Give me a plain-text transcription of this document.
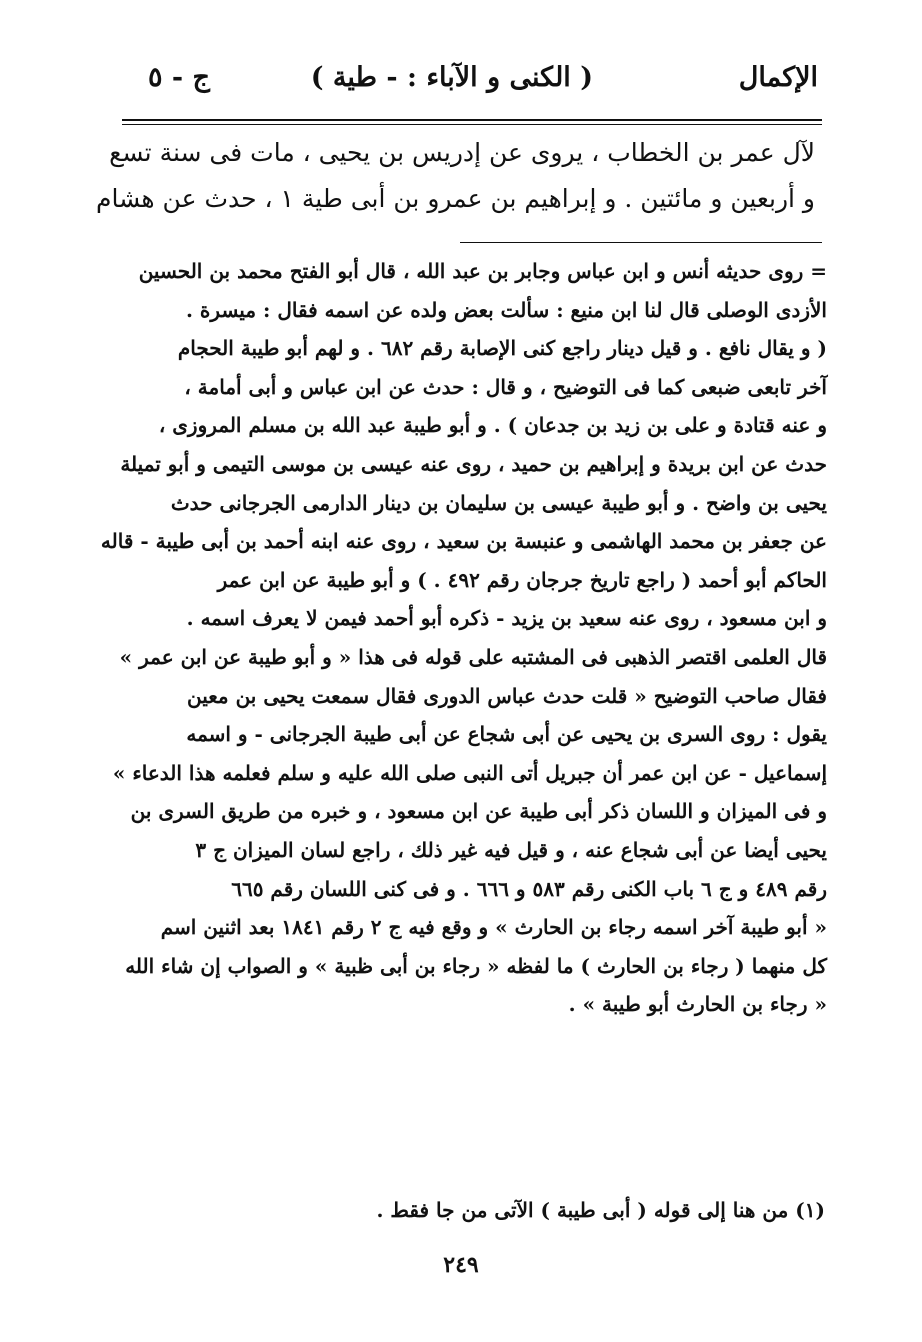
الإكمال
( الكنى و الآباء : - طية )
ج - ٥
لآل عمر بن الخطاب ، يروى عن إدريس بن يحيى ، مات فى سنة تسع
و أربعين و مائتين . و إبراهيم بن عمرو بن أبى طية ١ ، حدث عن هشام
= روى حديثه أنس و ابن عباس وجابر بن عبد الله ، قال أبو الفتح محمد بن الحسين
الأزدى الوصلى قال لنا ابن منيع : سألت بعض ولده عن اسمه فقال : ميسرة .
( و يقال نافع . و قيل دينار راجع كنى الإصابة رقم ٦٨٢ . و لهم أبو طيبة الحجام
آخر تابعى ضبعى كما فى التوضيح ، و قال : حدث عن ابن عباس و أبى أمامة ،
و عنه قتادة و على بن زيد بن جدعان ) . و أبو طيبة عبد الله بن مسلم المروزى ،
حدث عن ابن بريدة و إبراهيم بن حميد ، روى عنه عيسى بن موسى التيمى و أبو تميلة
يحيى بن واضح . و أبو طيبة عيسى بن سليمان بن دينار الدارمى الجرجانى حدث
عن جعفر بن محمد الهاشمى و عنبسة بن سعيد ، روى عنه ابنه أحمد بن أبى طيبة - قاله
الحاكم أبو أحمد ( راجع تاريخ جرجان رقم ٤٩٢ . ) و أبو طيبة عن ابن عمر
و ابن مسعود ، روى عنه سعيد بن يزيد - ذكره أبو أحمد فيمن لا يعرف اسمه .
قال العلمى اقتصر الذهبى فى المشتبه على قوله فى هذا « و أبو طيبة عن ابن عمر »
فقال صاحب التوضيح « قلت حدث عباس الدورى فقال سمعت يحيى بن معين
يقول : روى السرى بن يحيى عن أبى شجاع عن أبى طيبة الجرجانى - و اسمه
إسماعيل - عن ابن عمر أن جبريل أتى النبى صلى الله عليه و سلم فعلمه هذا الدعاء »
و فى الميزان و اللسان ذكر أبى طيبة عن ابن مسعود ، و خبره من طريق السرى بن
يحيى أيضا عن أبى شجاع عنه ، و قيل فيه غير ذلك ، راجع لسان الميزان ج ٣
رقم ٤٨٩ و ج ٦ باب الكنى رقم ٥٨٣ و ٦٦٦ . و فى كنى اللسان رقم ٦٦٥
« أبو طيبة آخر اسمه رجاء بن الحارث » و وقع فيه ج ٢ رقم ١٨٤١ بعد اثنين اسم
كل منهما ( رجاء بن الحارث ) ما لفظه « رجاء بن أبى ظبية » و الصواب إن شاء الله
« رجاء بن الحارث أبو طيبة » .
(١) من هنا إلى قوله ( أبى طيبة ) الآتى من جا فقط .
٢٤٩
